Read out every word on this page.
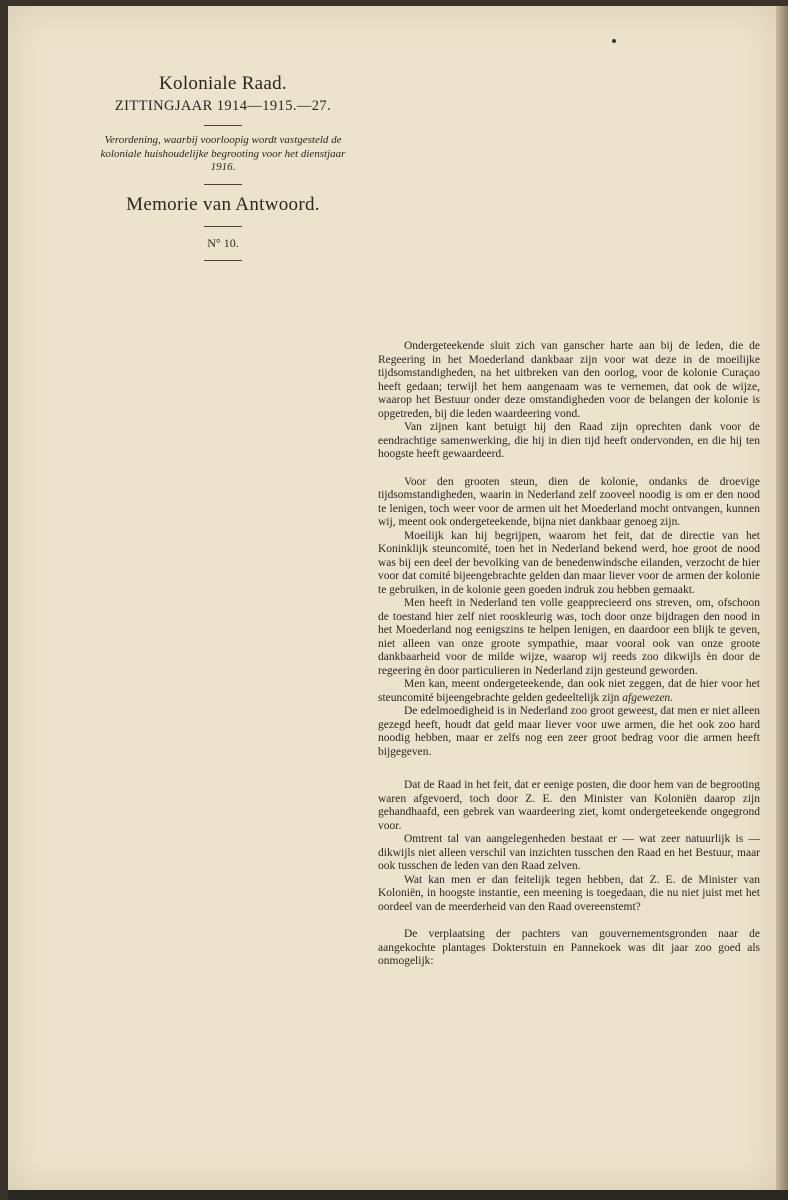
Koloniale Raad.
ZITTINGJAAR 1914—1915.—27.
Verordening, waarbij voorloopig wordt vastgesteld de koloniale huishoudelijke begrooting voor het dienstjaar 1916.
Memorie van Antwoord.
N° 10.

Ondergeteekende sluit zich van ganscher harte aan bij de leden, die de Regeering in het Moederland dankbaar zijn voor wat deze in de moeilijke tijdsomstandigheden, na het uitbreken van den oorlog, voor de kolonie Curaçao heeft gedaan; terwijl het hem aangenaam was te vernemen, dat ook de wijze, waarop het Bestuur onder deze omstandigheden voor de belangen der kolonie is opgetreden, bij die leden waardeering vond.

Van zijnen kant betuigt hij den Raad zijn oprechten dank voor de eendrachtige samenwerking, die hij in dien tijd heeft ondervonden, en die hij ten hoogste heeft gewaardeerd.

Voor den grooten steun, dien de kolonie, ondanks de droevige tijdsomstandigheden, waarin in Nederland zelf zooveel noodig is om er den nood te lenigen, toch weer voor de armen uit het Moederland mocht ontvangen, kunnen wij, meent ook ondergeteekende, bijna niet dankbaar genoeg zijn.

Moeilijk kan hij begrijpen, waarom het feit, dat de directie van het Koninklijk steuncomité, toen het in Nederland bekend werd, hoe groot de nood was bij een deel der bevolking van de benedenwindsche eilanden, verzocht de hier voor dat comité bijeengebrachte gelden dan maar liever voor de armen der kolonie te gebruiken, in de kolonie geen goeden indruk zou hebben gemaakt.

Men heeft in Nederland ten volle geapprecieerd ons streven, om, ofschoon de toestand hier zelf niet rooskleurig was, toch door onze bijdragen den nood in het Moederland nog eenigszins te helpen lenigen, en daardoor een blijk te geven, niet alleen van onze groote sympathie, maar vooral ook van onze groote dankbaarheid voor de milde wijze, waarop wij reeds zoo dikwijls èn door de regeering èn door particulieren in Nederland zijn gesteund geworden.

Men kan, meent ondergeteekende, dan ook niet zeggen, dat de hier voor het steuncomité bijeengebrachte gelden gedeeltelijk zijn afgewezen.

De edelmoedigheid is in Nederland zoo groot geweest, dat men er niet alleen gezegd heeft, houdt dat geld maar liever voor uwe armen, die het ook zoo hard noodig hebben, maar er zelfs nog een zeer groot bedrag voor die armen heeft bijgegeven.

Dat de Raad in het feit, dat er eenige posten, die door hem van de begrooting waren afgevoerd, toch door Z. E. den Minister van Koloniën daarop zijn gehandhaafd, een gebrek van waardeering ziet, komt ondergeteekende ongegrond voor.

Omtrent tal van aangelegenheden bestaat er — wat zeer natuurlijk is — dikwijls niet alleen verschil van inzichten tusschen den Raad en het Bestuur, maar ook tusschen de leden van den Raad zelven.

Wat kan men er dan feitelijk tegen hebben, dat Z. E. de Minister van Koloniën, in hoogste instantie, een meening is toegedaan, die nu niet juist met het oordeel van de meerderheid van den Raad overeenstemt?

De verplaatsing der pachters van gouvernementsgronden naar de aangekochte plantages Dokterstuin en Pannekoek was dit jaar zoo goed als onmogelijk:
